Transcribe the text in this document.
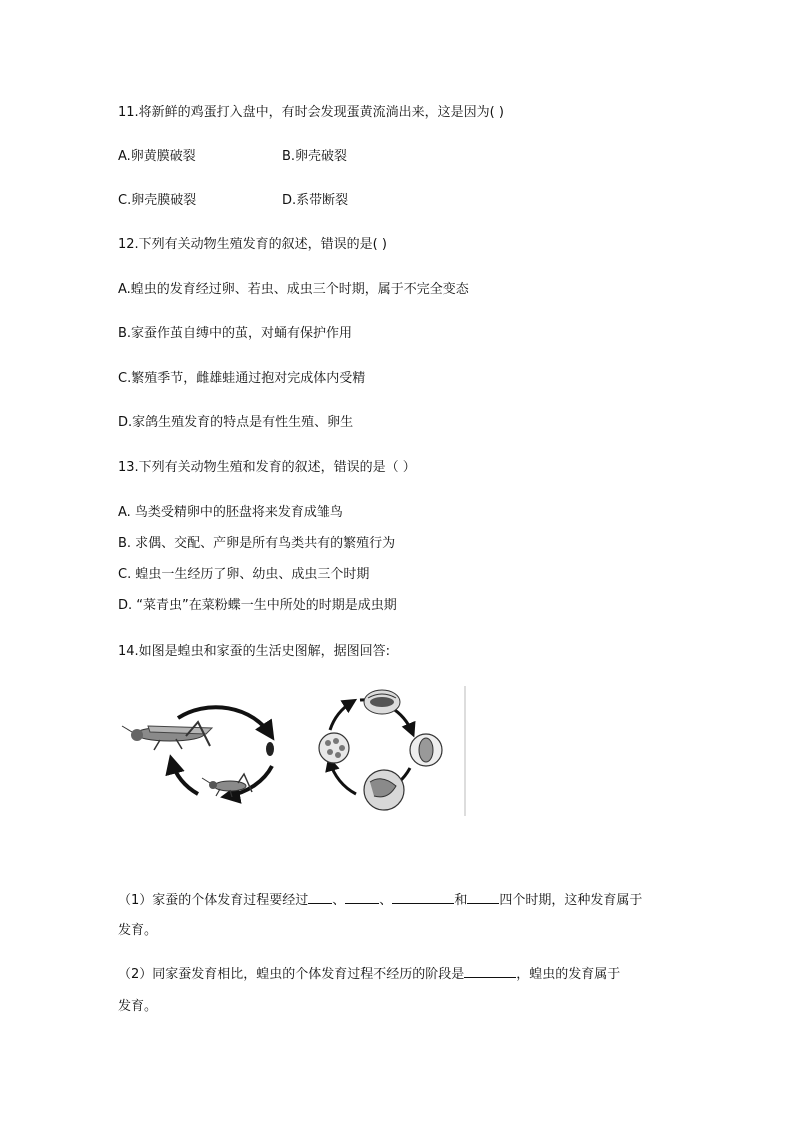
11.将新鲜的鸡蛋打入盘中，有时会发现蛋黄流淌出来，这是因为( )
A.卵黄膜破裂	B.卵壳破裂
C.卵壳膜破裂	D.系带断裂
12.下列有关动物生殖发育的叙述，错误的是( )
A.蝗虫的发育经过卵、若虫、成虫三个时期，属于不完全变态
B.家蚕作茧自缚中的茧，对蛹有保护作用
C.繁殖季节，雌雄蛙通过抱对完成体内受精
D.家鸽生殖发育的特点是有性生殖、卵生
13.下列有关动物生殖和发育的叙述，错误的是（ ）
A. 鸟类受精卵中的胚盘将来发育成雏鸟
B. 求偶、交配、产卵是所有鸟类共有的繁殖行为
C. 蝗虫一生经历了卵、幼虫、成虫三个时期
D. “菜青虫”在菜粉蝶一生中所处的时期是成虫期
14.如图是蝗虫和家蚕的生活史图解，据图回答:
（1）家蚕的个体发育过程要经过 、	、	和 四个时期，这种发育属于
发育。
（2）同家蚕发育相比，蝗虫的个体发育过程不经历的阶段是	，蝗虫的发育属于
发育。
